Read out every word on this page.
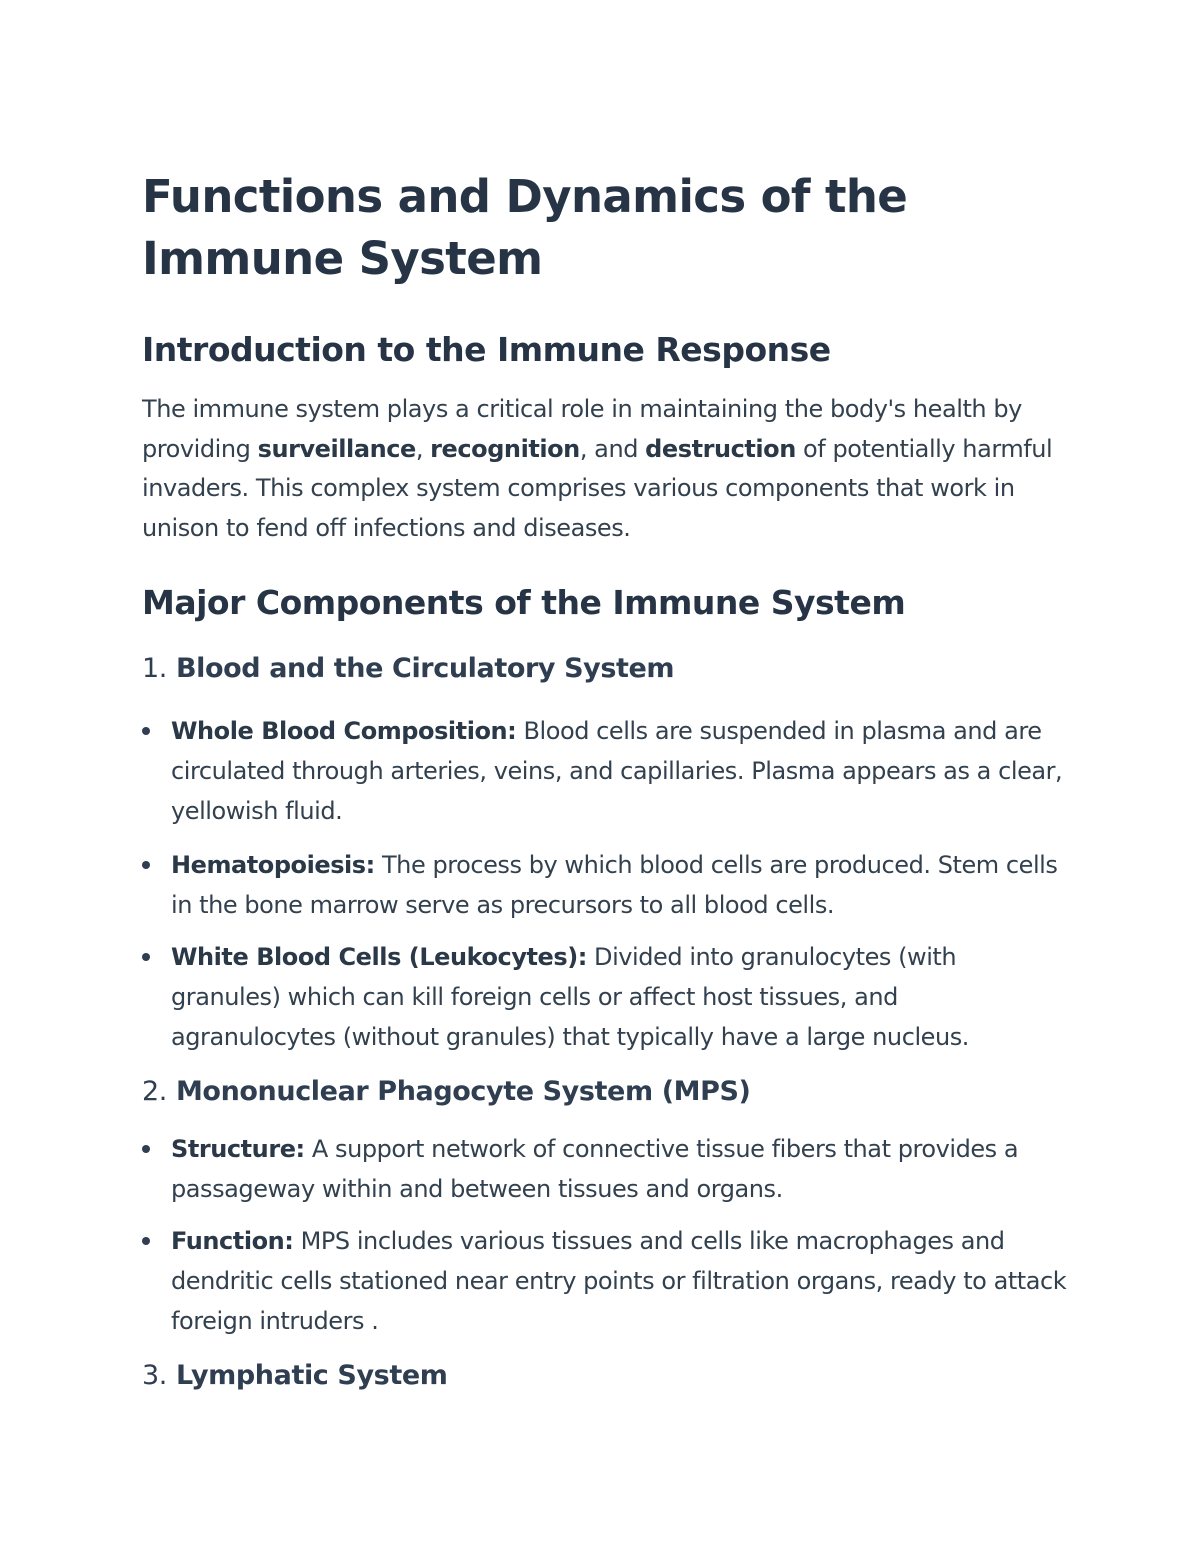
Functions and Dynamics of the Immune System
Introduction to the Immune Response

The immune system plays a critical role in maintaining the body's health by providing surveillance, recognition, and destruction of potentially harmful invaders. This complex system comprises various components that work in unison to fend off infections and diseases.

Major Components of the Immune System
1. Blood and the Circulatory System
Whole Blood Composition: Blood cells are suspended in plasma and are circulated through arteries, veins, and capillaries. Plasma appears as a clear, yellowish fluid.
Hematopoiesis: The process by which blood cells are produced. Stem cells in the bone marrow serve as precursors to all blood cells.
White Blood Cells (Leukocytes): Divided into granulocytes (with granules) which can kill foreign cells or affect host tissues, and agranulocytes (without granules) that typically have a large nucleus.
2. Mononuclear Phagocyte System (MPS)
Structure: A support network of connective tissue fibers that provides a passageway within and between tissues and organs.
Function: MPS includes various tissues and cells like macrophages and dendritic cells stationed near entry points or filtration organs, ready to attack foreign intruders .
3. Lymphatic System
